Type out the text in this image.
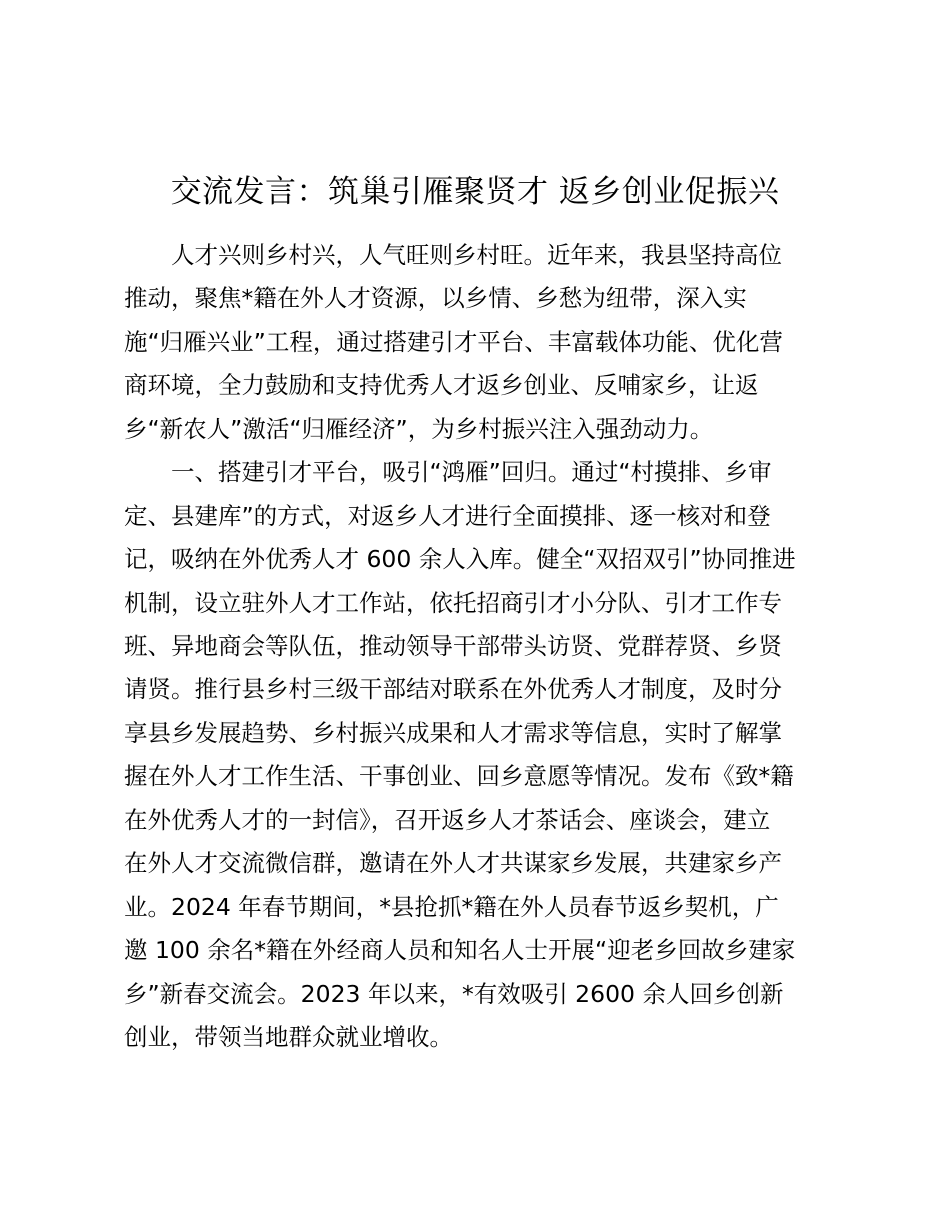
交流发言：筑巢引雁聚贤才 返乡创业促振兴
　　人才兴则乡村兴，人气旺则乡村旺。近年来，我县坚持高位
推动，聚焦*籍在外人才资源，以乡情、乡愁为纽带，深入实
施“归雁兴业”工程，通过搭建引才平台、丰富载体功能、优化营
商环境，全力鼓励和支持优秀人才返乡创业、反哺家乡，让返
乡“新农人”激活“归雁经济”，为乡村振兴注入强劲动力。
　　一、搭建引才平台，吸引“鸿雁”回归。通过“村摸排、乡审
定、县建库”的方式，对返乡人才进行全面摸排、逐一核对和登
记，吸纳在外优秀人才 600 余人入库。健全“双招双引”协同推进
机制，设立驻外人才工作站，依托招商引才小分队、引才工作专
班、异地商会等队伍，推动领导干部带头访贤、党群荐贤、乡贤
请贤。推行县乡村三级干部结对联系在外优秀人才制度，及时分
享县乡发展趋势、乡村振兴成果和人才需求等信息，实时了解掌
握在外人才工作生活、干事创业、回乡意愿等情况。发布《致*籍
在外优秀人才的一封信》，召开返乡人才茶话会、座谈会，建立
在外人才交流微信群，邀请在外人才共谋家乡发展，共建家乡产
业。2024 年春节期间，*县抢抓*籍在外人员春节返乡契机，广
邀 100 余名*籍在外经商人员和知名人士开展“迎老乡回故乡建家
乡”新春交流会。2023 年以来，*有效吸引 2600 余人回乡创新
创业，带领当地群众就业增收。
